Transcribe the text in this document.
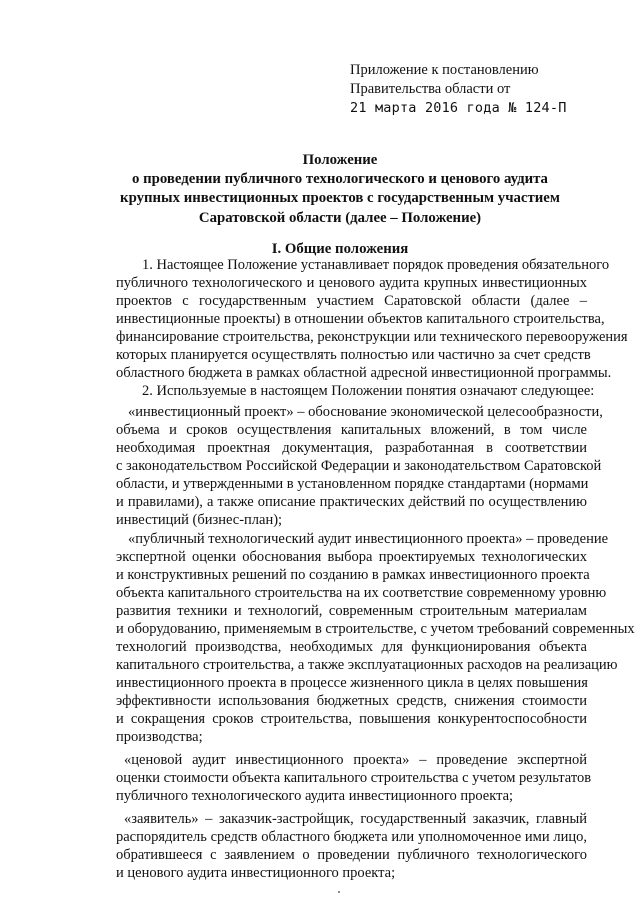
Приложение к постановлению
Правительства области от
21 марта 2016 года № 124-П
Положение
о проведении публичного технологического и ценового аудита
крупных инвестиционных проектов с государственным участием
Саратовской области (далее – Положение)
I. Общие положения
1. Настоящее Положение устанавливает порядок проведения обязательного
публичного технологического и ценового аудита крупных инвестиционных
проектов с государственным участием Саратовской области (далее –
инвестиционные проекты) в отношении объектов капитального строительства,
финансирование строительства, реконструкции или технического перевооружения
которых планируется осуществлять полностью или частично за счет средств
областного бюджета в рамках областной адресной инвестиционной программы.
2. Используемые в настоящем Положении понятия означают следующее:
«инвестиционный проект» – обоснование экономической целесообразности,
объема и сроков осуществления капитальных вложений, в том числе
необходимая проектная документация, разработанная в соответствии
с законодательством Российской Федерации и законодательством Саратовской
области, и утвержденными в установленном порядке стандартами (нормами
и правилами), а также описание практических действий по осуществлению
инвестиций (бизнес-план);
«публичный технологический аудит инвестиционного проекта» – проведение
экспертной оценки обоснования выбора проектируемых технологических
и конструктивных решений по созданию в рамках инвестиционного проекта
объекта капитального строительства на их соответствие современному уровню
развития техники и технологий, современным строительным материалам
и оборудованию, применяемым в строительстве, с учетом требований современных
технологий производства, необходимых для функционирования объекта
капитального строительства, а также эксплуатационных расходов на реализацию
инвестиционного проекта в процессе жизненного цикла в целях повышения
эффективности использования бюджетных средств, снижения стоимости
и сокращения сроков строительства, повышения конкурентоспособности
производства;
«ценовой аудит инвестиционного проекта» – проведение экспертной
оценки стоимости объекта капитального строительства с учетом результатов
публичного технологического аудита инвестиционного проекта;
«заявитель» – заказчик-застройщик, государственный заказчик, главный
распорядитель средств областного бюджета или уполномоченное ими лицо,
обратившееся с заявлением о проведении публичного технологического
и ценового аудита инвестиционного проекта;
